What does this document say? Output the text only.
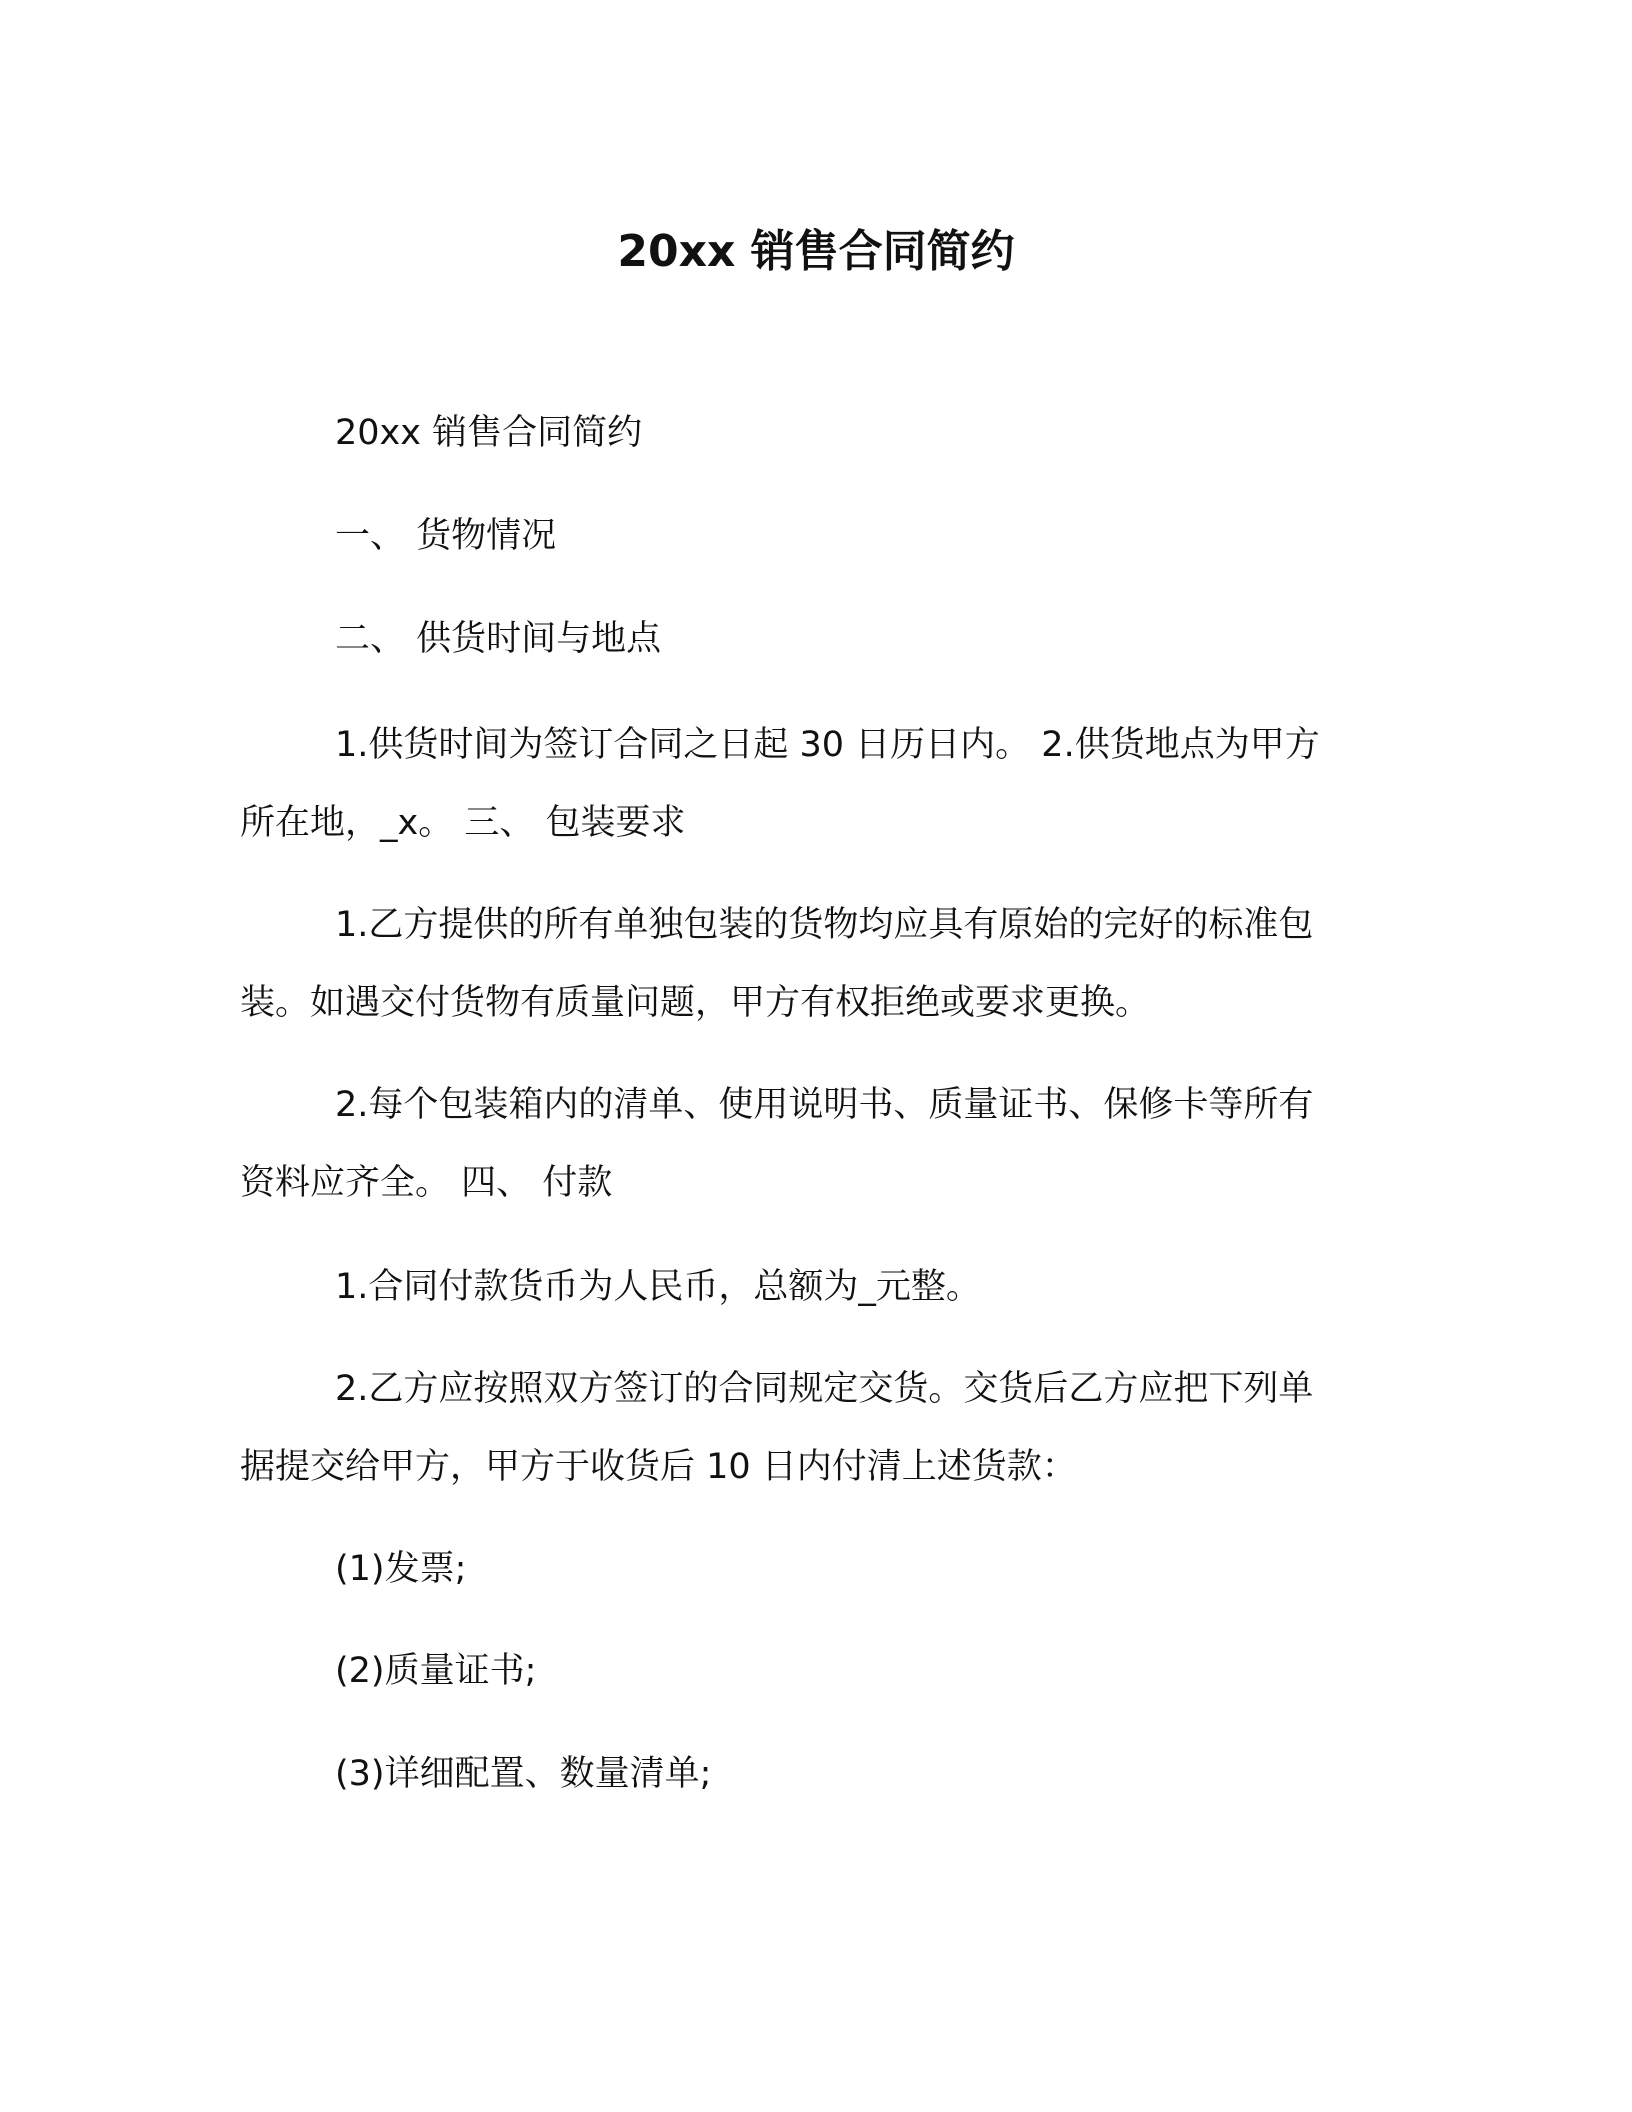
20xx 销售合同简约

20xx 销售合同简约

一、 货物情况

二、 供货时间与地点

1.供货时间为签订合同之日起 30 日历日内。 2.供货地点为甲方
所在地，_x。 三、 包装要求

1.乙方提供的所有单独包装的货物均应具有原始的完好的标准包
装。如遇交付货物有质量问题，甲方有权拒绝或要求更换。

2.每个包装箱内的清单、使用说明书、质量证书、保修卡等所有
资料应齐全。 四、 付款

1.合同付款货币为人民币，总额为_元整。

2.乙方应按照双方签订的合同规定交货。交货后乙方应把下列单
据提交给甲方，甲方于收货后 10 日内付清上述货款：

(1)发票;

(2)质量证书;

(3)详细配置、数量清单;
